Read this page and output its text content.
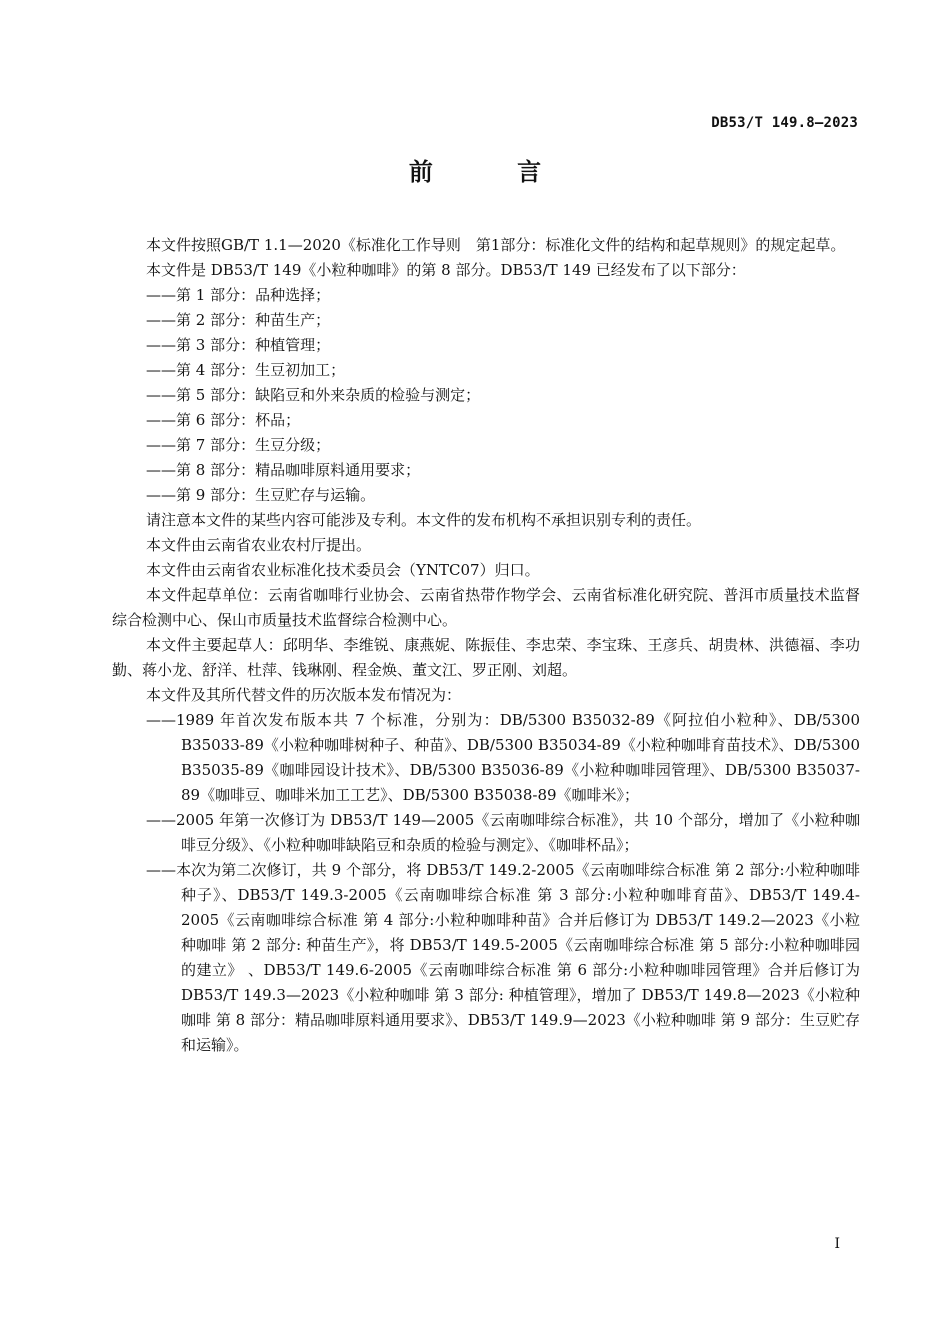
DB53/T 149.8—2023
前 言

本文件按照GB/T 1.1—2020《标准化工作导则　第1部分：标准化文件的结构和起草规则》的规定起草。

本文件是 DB53/T 149《小粒种咖啡》的第 8 部分。DB53/T 149 已经发布了以下部分：

——第 1 部分：品种选择；

——第 2 部分：种苗生产；

——第 3 部分：种植管理；

——第 4 部分：生豆初加工；

——第 5 部分：缺陷豆和外来杂质的检验与测定；

——第 6 部分：杯品；

——第 7 部分：生豆分级；

——第 8 部分：精品咖啡原料通用要求；

——第 9 部分：生豆贮存与运输。

请注意本文件的某些内容可能涉及专利。本文件的发布机构不承担识别专利的责任。

本文件由云南省农业农村厅提出。

本文件由云南省农业标准化技术委员会（YNTC07）归口。

本文件起草单位：云南省咖啡行业协会、云南省热带作物学会、云南省标准化研究院、普洱市质量技术监督综合检测中心、保山市质量技术监督综合检测中心。

本文件主要起草人：邱明华、李维锐、康燕妮、陈振佳、李忠荣、李宝珠、王彦兵、胡贵林、洪德福、李功勤、蒋小龙、舒洋、杜萍、钱琳刚、程金焕、董文江、罗正刚、刘超。

本文件及其所代替文件的历次版本发布情况为：

——1989 年首次发布版本共 7 个标准，分别为：DB/5300 B35032-89《阿拉伯小粒种》、DB/5300 B35033-89《小粒种咖啡树种子、种苗》、DB/5300 B35034-89《小粒种咖啡育苗技术》、DB/5300 B35035-89《咖啡园设计技术》、DB/5300 B35036-89《小粒种咖啡园管理》、DB/5300 B35037-89《咖啡豆、咖啡米加工工艺》、DB/5300 B35038-89《咖啡米》；

——2005 年第一次修订为 DB53/T 149—2005《云南咖啡综合标准》，共 10 个部分，增加了《小粒种咖啡豆分级》、《小粒种咖啡缺陷豆和杂质的检验与测定》、《咖啡杯品》；

——本次为第二次修订，共 9 个部分，将 DB53/T 149.2-2005《云南咖啡综合标准 第 2 部分:小粒种咖啡 种子》、DB53/T 149.3-2005《云南咖啡综合标准 第 3 部分:小粒种咖啡育苗》、DB53/T 149.4-2005《云南咖啡综合标准 第 4 部分:小粒种咖啡种苗》合并后修订为 DB53/T 149.2—2023《小粒种咖啡 第 2 部分: 种苗生产》，将 DB53/T 149.5-2005《云南咖啡综合标准 第 5 部分:小粒种咖啡园的建立》 、DB53/T 149.6-2005《云南咖啡综合标准 第 6 部分:小粒种咖啡园管理》合并后修订为 DB53/T 149.3—2023《小粒种咖啡 第 3 部分: 种植管理》，增加了 DB53/T 149.8—2023《小粒种咖啡 第 8 部分：精品咖啡原料通用要求》、DB53/T 149.9—2023《小粒种咖啡 第 9 部分：生豆贮存和运输》。

I
